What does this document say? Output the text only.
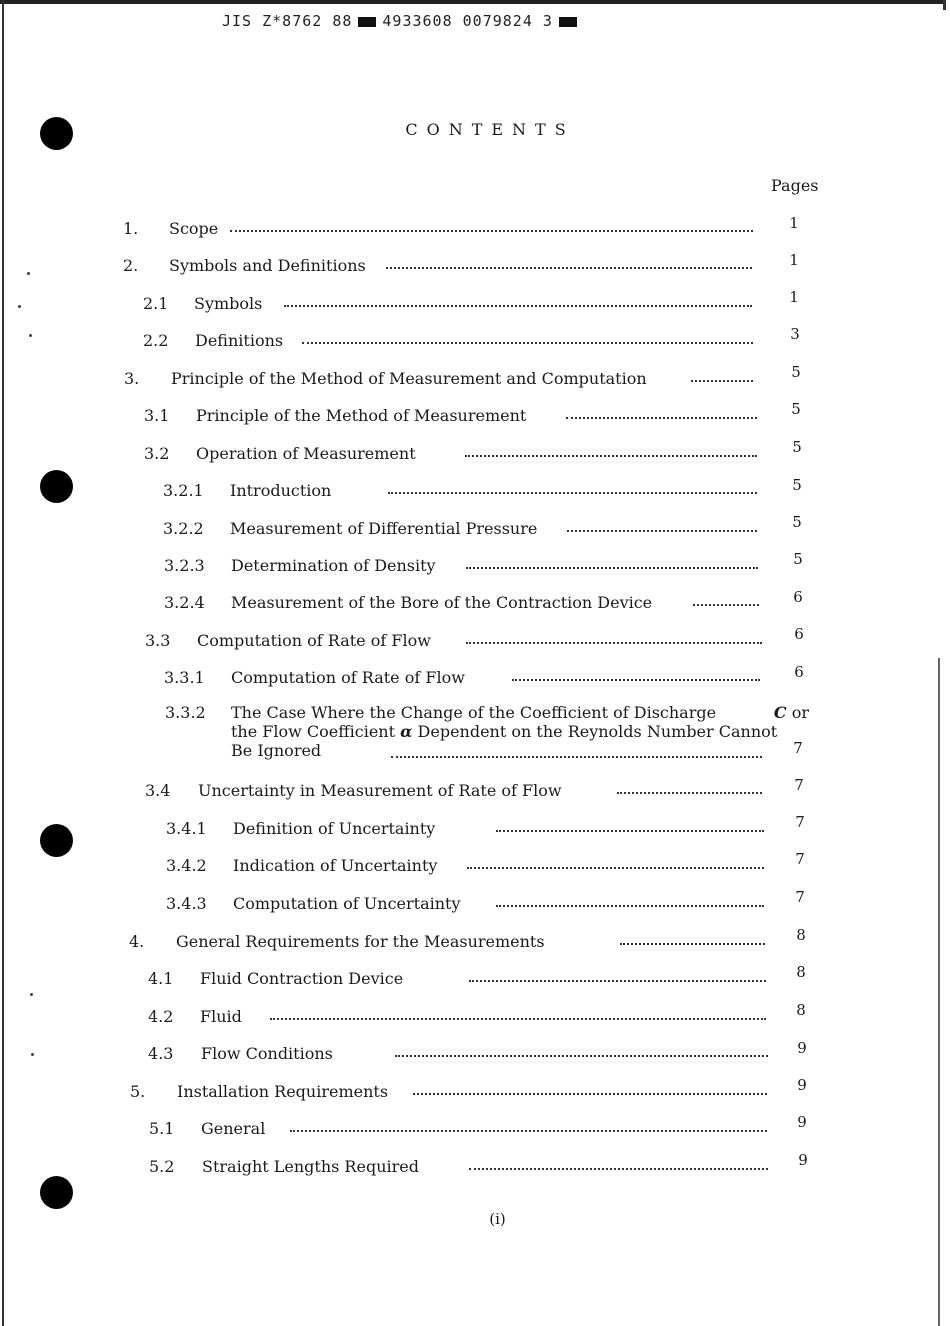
JIS Z*8762 88 4933608 0079824 3
CONTENTS
Pages
1.	Scope	1
2.	Symbols and Definitions	1
2.1	Symbols	1
2.2	Definitions	3
3.	Principle of the Method of Measurement and Computation	5
3.1	Principle of the Method of Measurement	5
3.2	Operation of Measurement	5
3.2.1	Introduction	5
3.2.2	Measurement of Differential Pressure	5
3.2.3	Determination of Density	5
3.2.4	Measurement of the Bore of the Contraction Device	6
3.3	Computation of Rate of Flow	6
3.3.1	Computation of Rate of Flow	6
3.3.2 The Case Where the Change of the Coefficient of Discharge	C or
the Flow Coefficient α Dependent on the Reynolds Number Cannot
Be Ignored	7
3.4	Uncertainty in Measurement of Rate of Flow	7
3.4.1	Definition of Uncertainty	7
3.4.2	Indication of Uncertainty	7
3.4.3	Computation of Uncertainty	7
4.	General Requirements for the Measurements	8
4.1	Fluid Contraction Device	8
4.2	Fluid	8
4.3	Flow Conditions	9
5.	Installation Requirements	9
5.1	General	9
5.2	Straight Lengths Required	9
(i)
